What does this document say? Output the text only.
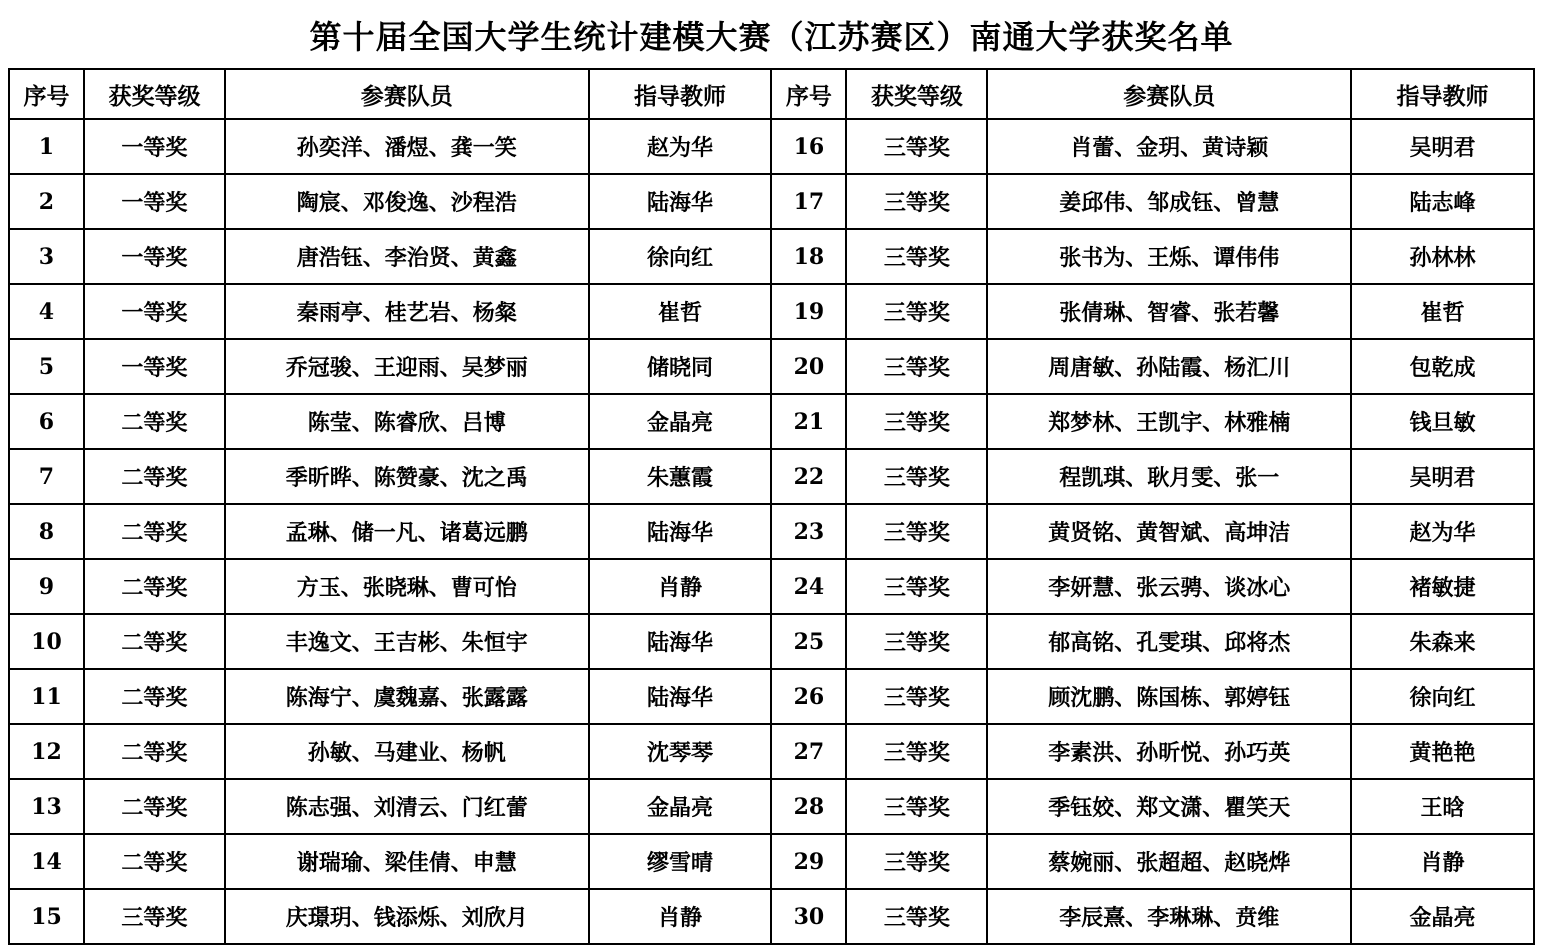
第十届全国大学生统计建模大赛（江苏赛区）南通大学获奖名单
序号	获奖等级	参赛队员	指导教师	序号	获奖等级	参赛队员	指导教师
1	一等奖	孙奕洋、潘煜、龚一笑	赵为华	16	三等奖	肖蕾、金玥、黄诗颖	吴明君
2	一等奖	陶宸、邓俊逸、沙程浩	陆海华	17	三等奖	姜邱伟、邹成钰、曾慧	陆志峰
3	一等奖	唐浩钰、李治贤、黄鑫	徐向红	18	三等奖	张书为、王烁、谭伟伟	孙林林
4	一等奖	秦雨亭、桂艺岩、杨粲	崔哲	19	三等奖	张倩琳、智睿、张若馨	崔哲
5	一等奖	乔冠骏、王迎雨、吴梦丽	储晓同	20	三等奖	周唐敏、孙陆霞、杨汇川	包乾成
6	二等奖	陈莹、陈睿欣、吕博	金晶亮	21	三等奖	郑梦林、王凯宇、林雅楠	钱旦敏
7	二等奖	季昕晔、陈赞豪、沈之禹	朱蕙霞	22	三等奖	程凯琪、耿月雯、张一	吴明君
8	二等奖	孟琳、储一凡、诸葛远鹏	陆海华	23	三等奖	黄贤铭、黄智斌、高坤洁	赵为华
9	二等奖	方玉、张晓琳、曹可怡	肖静	24	三等奖	李妍慧、张云骋、谈冰心	褚敏捷
10	二等奖	丰逸文、王吉彬、朱恒宇	陆海华	25	三等奖	郁高铭、孔雯琪、邱将杰	朱森来
11	二等奖	陈海宁、虞魏嘉、张露露	陆海华	26	三等奖	顾沈鹏、陈国栋、郭婷钰	徐向红
12	二等奖	孙敏、马建业、杨帆	沈琴琴	27	三等奖	李素洪、孙昕悦、孙巧英	黄艳艳
13	二等奖	陈志强、刘清云、门红蕾	金晶亮	28	三等奖	季钰姣、郑文潇、瞿笑天	王晗
14	二等奖	谢瑞瑜、梁佳倩、申慧	缪雪晴	29	三等奖	蔡婉丽、张超超、赵晓烨	肖静
15	三等奖	庆璟玥、钱添烁、刘欣月	肖静	30	三等奖	李辰熹、李琳琳、贲维	金晶亮
